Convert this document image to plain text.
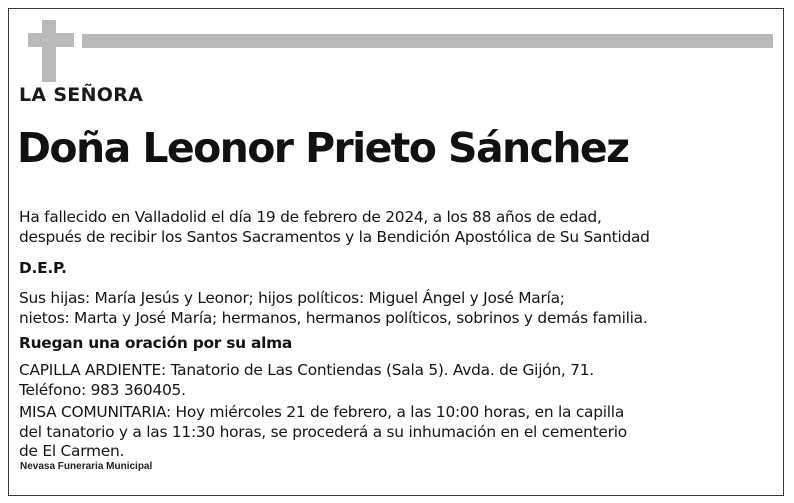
LA SEÑORA
Doña Leonor Prieto Sánchez
Ha fallecido en Valladolid el día 19 de febrero de 2024, a los 88 años de edad,
después de recibir los Santos Sacramentos y la Bendición Apostólica de Su Santidad
D.E.P.
Sus hijas: María Jesús y Leonor; hijos políticos: Miguel Ángel y José María;
nietos: Marta y José María; hermanos, hermanos políticos, sobrinos y demás familia.
Ruegan una oración por su alma
CAPILLA ARDIENTE: Tanatorio de Las Contiendas (Sala 5). Avda. de Gijón, 71.
Teléfono: 983 360405.
MISA COMUNITARIA: Hoy miércoles 21 de febrero, a las 10:00 horas, en la capilla
del tanatorio y a las 11:30 horas, se procederá a su inhumación en el cementerio
de El Carmen.
Nevasa Funeraria Municipal
